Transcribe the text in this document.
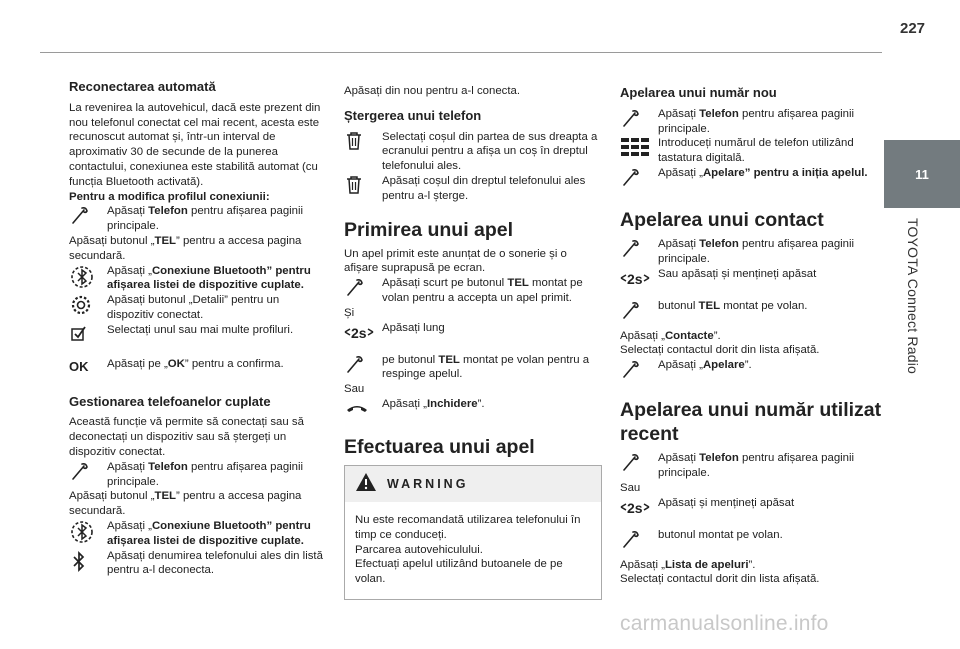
227
11
TOYOTA Connect Radio
Reconectarea automată

La revenirea la autovehicul, dacă este prezent din nou telefonul conectat cel mai recent, acesta este recunoscut automat și, într-un interval de aproximativ 30 de secunde de la punerea contactului, conexiunea este stabilită automat (cu funcția Bluetooth activată).

Pentru a modifica profilul conexiunii:

Apăsați Telefon pentru afișarea paginii principale.

Apăsați butonul „TEL” pentru a accesa pagina secundară.

Apăsați „Conexiune Bluetooth” pentru afișarea listei de dispozitive cuplate.
Apăsați butonul „Detalii” pentru un dispozitiv conectat.
Selectați unul sau mai multe profiluri.
OK	Apăsați pe „OK” pentru a confirma.
Gestionarea telefoanelor cuplate

Această funcție vă permite să conectați sau să deconectați un dispozitiv sau să ștergeți un dispozitiv conectat.

Apăsați Telefon pentru afișarea paginii principale.

Apăsați butonul „TEL” pentru a accesa pagina secundară.

Apăsați „Conexiune Bluetooth” pentru afișarea listei de dispozitive cuplate.
Apăsați denumirea telefonului ales din listă pentru a-l deconecta.

Apăsați din nou pentru a-l conecta.

Ștergerea unui telefon
Selectați coșul din partea de sus dreapta a ecranului pentru a afișa un coș în dreptul telefonului ales.
Apăsați coșul din dreptul telefonului ales pentru a-l șterge.
Primirea unui apel

Un apel primit este anunțat de o sonerie și o afișare suprapusă pe ecran.

Apăsați scurt pe butonul TEL montat pe volan pentru a accepta un apel primit.

Și

2s Apăsați lung
pe butonul TEL montat pe volan pentru a respinge apelul.

Sau

Apăsați „Inchidere”.
Efectuarea unui apel
WARNING
Nu este recomandată utilizarea telefonului în timp ce conduceți.
Parcarea autovehiculului.
Efectuați apelul utilizând butoanele de pe volan.
Apelarea unui număr nou
Apăsați Telefon pentru afișarea paginii principale.
Introduceți numărul de telefon utilizând tastatura digitală.
Apăsați „Apelare” pentru a iniția apelul.
Apelarea unui contact
Apăsați Telefon pentru afișarea paginii principale.
2s Sau apăsați și mențineți apăsat
butonul TEL montat pe volan.

Apăsați „Contacte”.

Selectați contactul dorit din lista afișată.

Apăsați „Apelare”.
Apelarea unui număr utilizat recent
Apăsați Telefon pentru afișarea paginii principale.

Sau

2s Apăsați și mențineți apăsat
butonul montat pe volan.

Apăsați „Lista de apeluri”.

Selectați contactul dorit din lista afișată.

carmanualsonline.info
